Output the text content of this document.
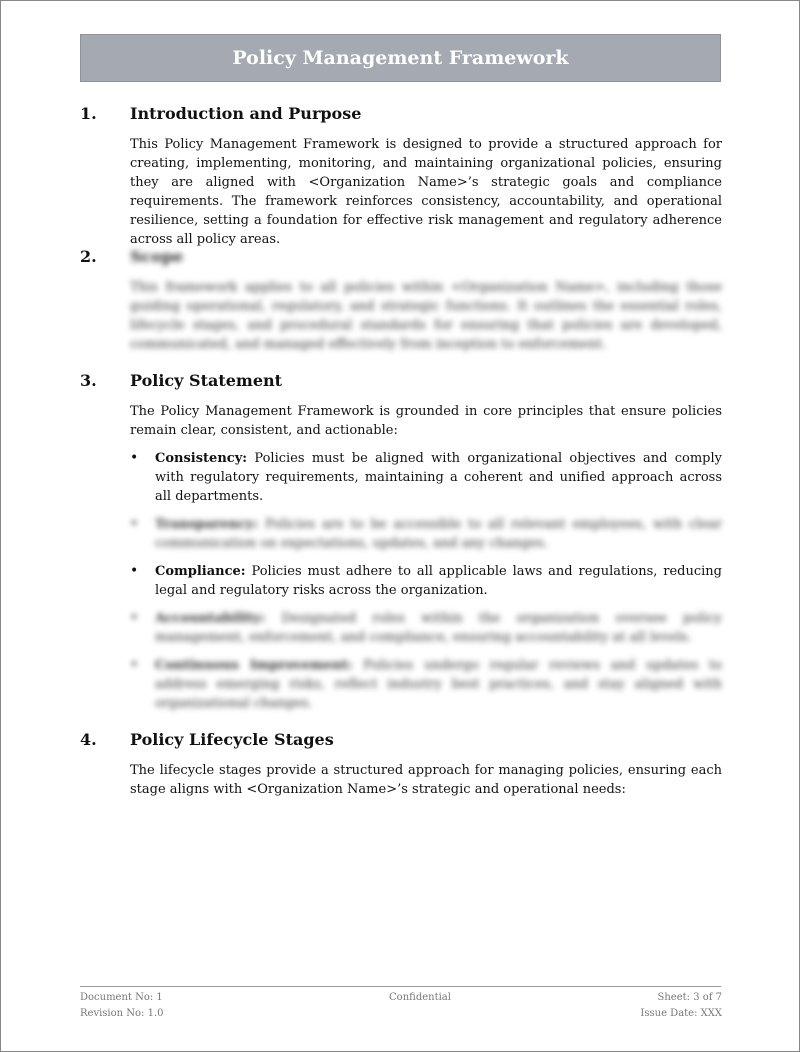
Policy Management Framework
1. Introduction and Purpose
This Policy Management Framework is designed to provide a structured approach for creating, implementing, monitoring, and maintaining organizational policies, ensuring they are aligned with <Organization Name>’s strategic goals and compliance requirements. The framework reinforces consistency, accountability, and operational resilience, setting a foundation for effective risk management and regulatory adherence across all policy areas.
2. Scope
This framework applies to all policies within <Organization Name>, including those guiding operational, regulatory, and strategic functions. It outlines the essential roles, lifecycle stages, and procedural standards for ensuring that policies are developed, communicated, and managed effectively from inception to enforcement.
3. Policy Statement
The Policy Management Framework is grounded in core principles that ensure policies remain clear, consistent, and actionable:
• Consistency: Policies must be aligned with organizational objectives and comply with regulatory requirements, maintaining a coherent and unified approach across all departments.
• Transparency: Policies are to be accessible to all relevant employees, with clear communication on expectations, updates, and any changes.
• Compliance: Policies must adhere to all applicable laws and regulations, reducing legal and regulatory risks across the organization.
• Accountability: Designated roles within the organization oversee policy management, enforcement, and compliance, ensuring accountability at all levels.
• Continuous Improvement: Policies undergo regular reviews and updates to address emerging risks, reflect industry best practices, and stay aligned with organizational changes.
4. Policy Lifecycle Stages
The lifecycle stages provide a structured approach for managing policies, ensuring each stage aligns with <Organization Name>’s strategic and operational needs:
Document No: 1
Revision No: 1.0
Confidential	Sheet: 3 of 7
Issue Date: XXX
